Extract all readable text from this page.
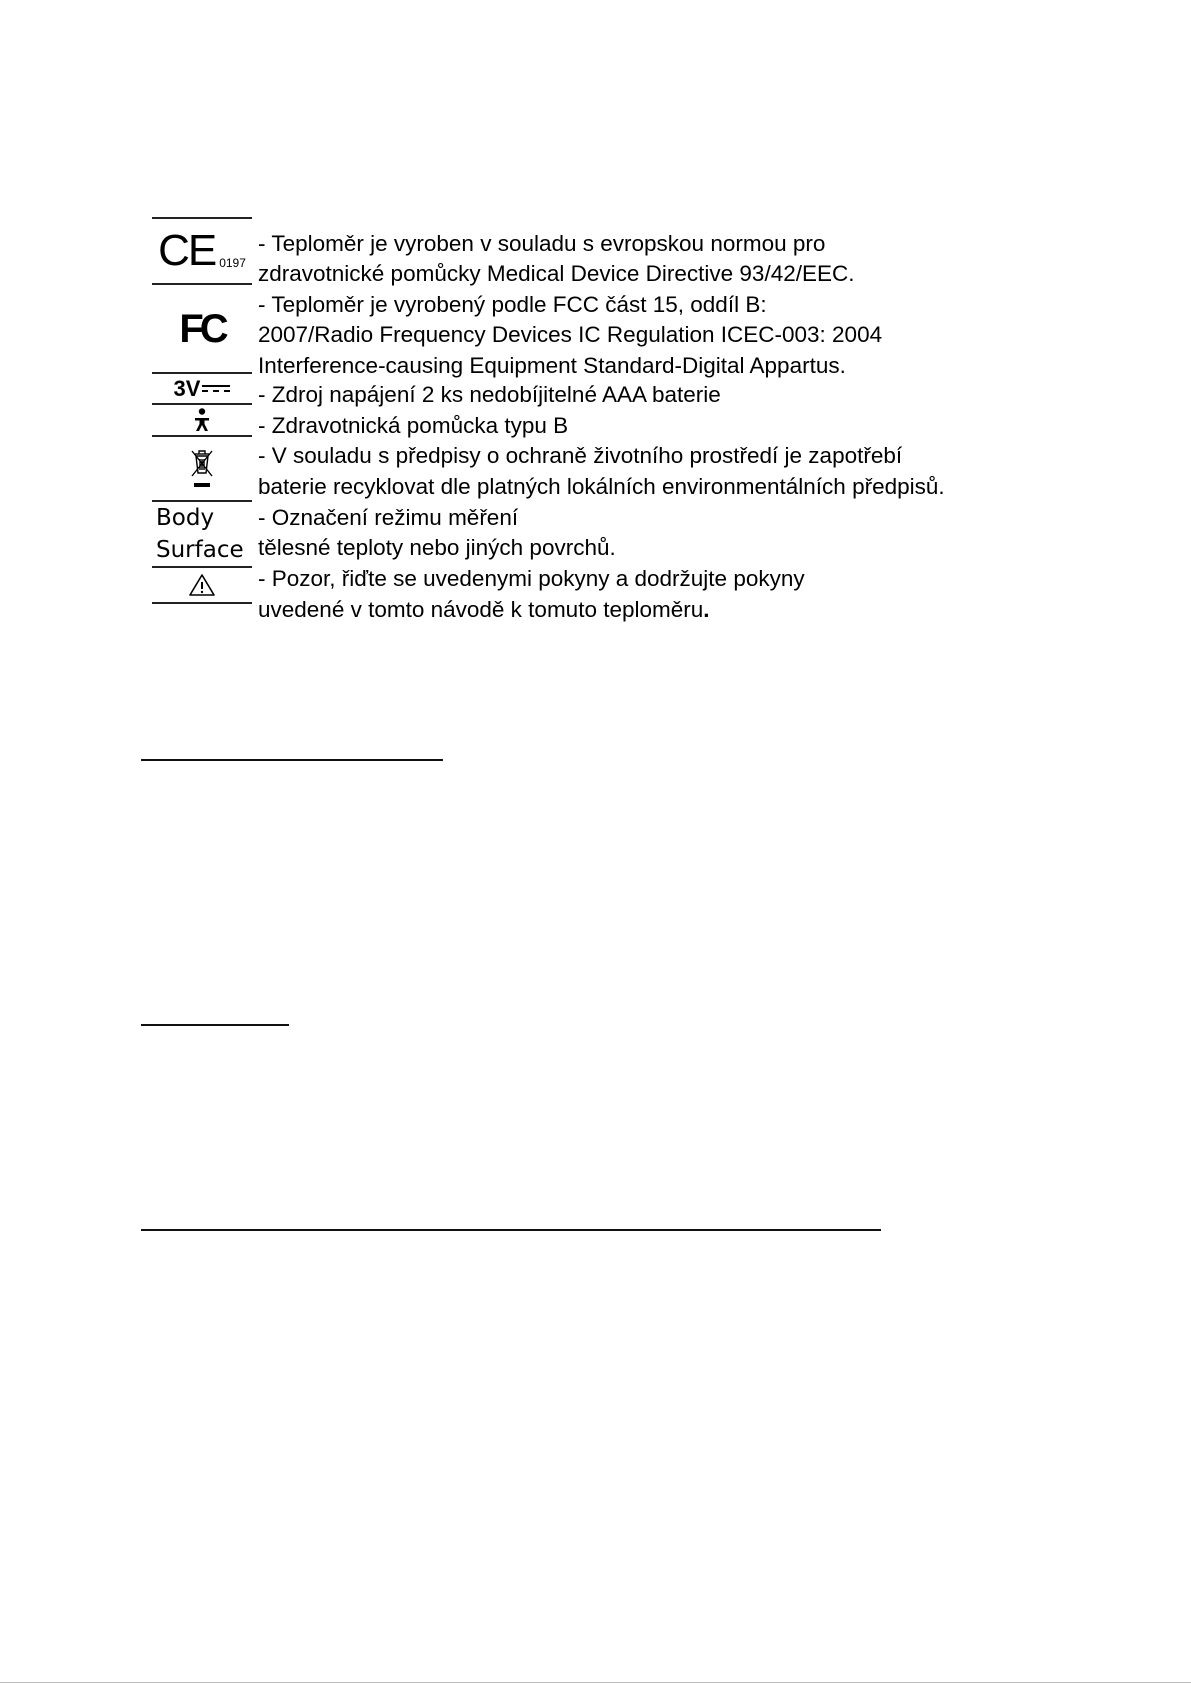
CE 0197
FC
3V
Body
Surface
- Teploměr je vyroben v souladu s evropskou normou pro
zdravotnické pomůcky Medical Device Directive 93/42/EEC.
- Teploměr je vyrobený podle FCC část 15, oddíl B:
2007/Radio Frequency Devices IC Regulation ICEC-003: 2004
Interference-causing Equipment Standard-Digital Appartus.
- Zdroj napájení 2 ks nedobíjitelné AAA baterie
- Zdravotnická pomůcka typu B
- V souladu s předpisy o ochraně životního prostředí je zapotřebí
baterie recyklovat dle platných lokálních environmentálních předpisů.
- Označení režimu měření
tělesné teploty nebo jiných povrchů.
- Pozor, řiďte se uvedenymi pokyny a dodržujte pokyny
uvedené v tomto návodě k tomuto teploměru.
